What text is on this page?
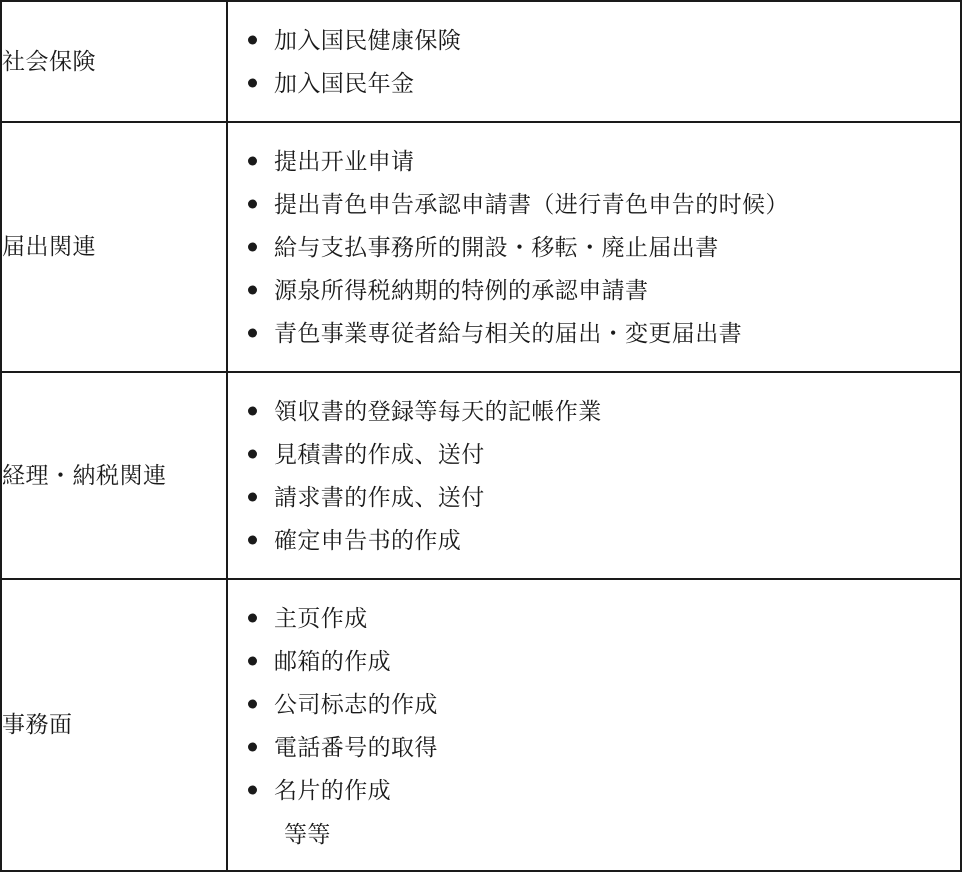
社会保険	
加入国民健康保険
加入国民年金

届出関連	
提出开业申请
提出青色申告承認申請書（进行青色申告的时候）
給与支払事務所的開設・移転・廃止届出書
源泉所得税納期的特例的承認申請書
青色事業専従者給与相关的届出・変更届出書

経理・納税関連	
領収書的登録等每天的記帳作業
見積書的作成、送付
請求書的作成、送付
確定申告书的作成

事務面	
主页作成
邮箱的作成
公司标志的作成
電話番号的取得
名片的作成
等等
